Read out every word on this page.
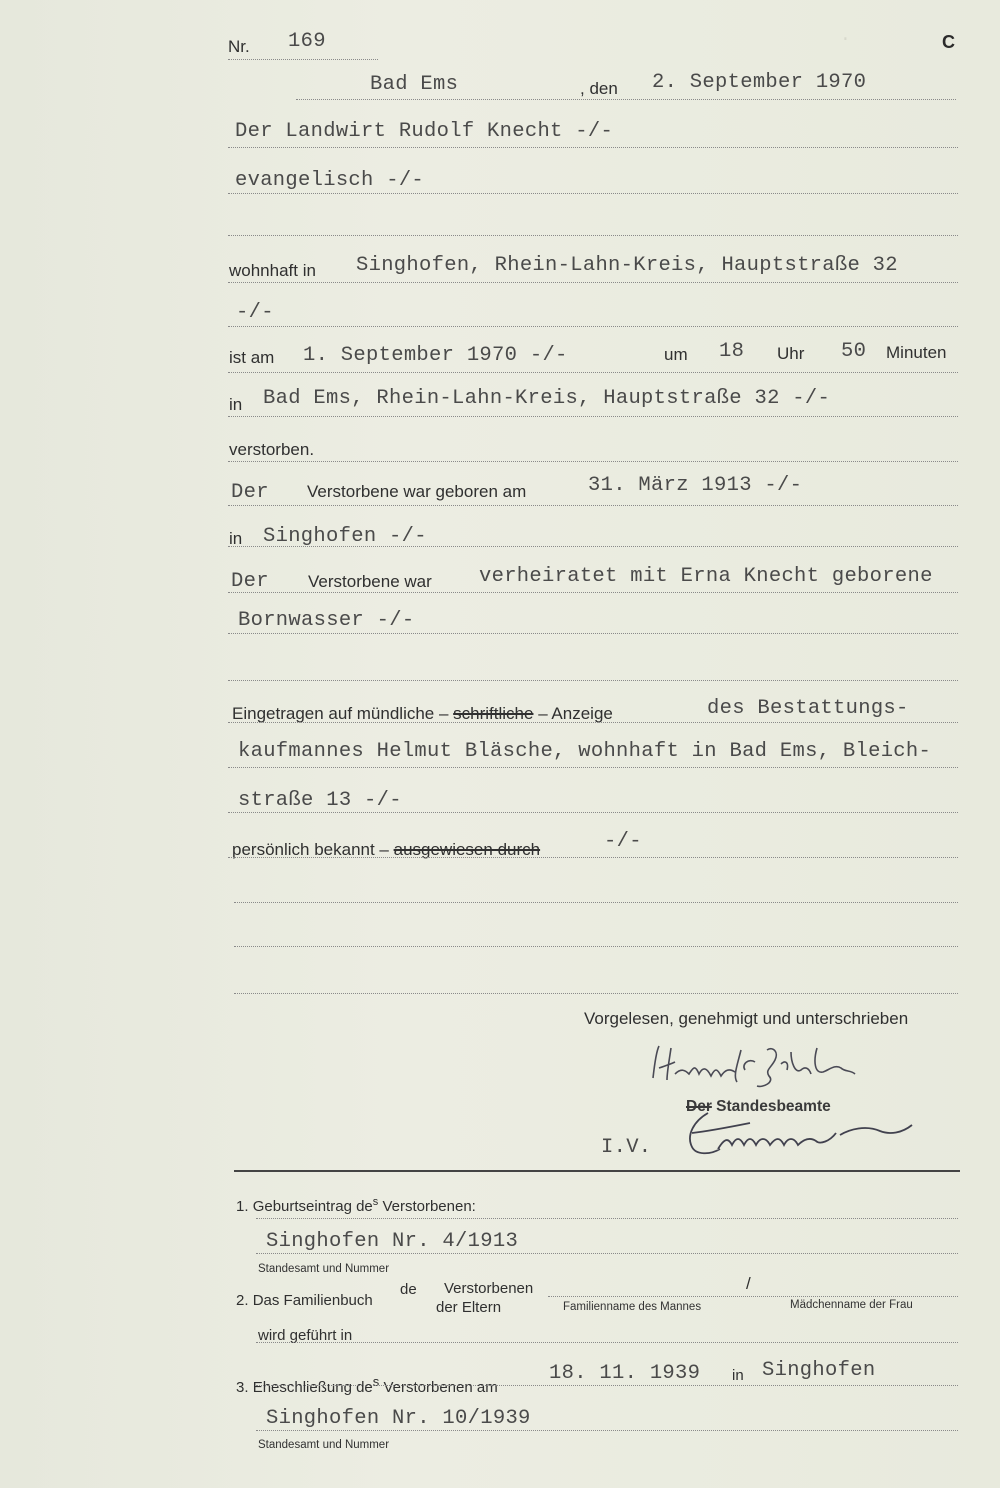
·
Nr. 169	C
Bad Ems	, den 2. September 1970
Der Landwirt Rudolf Knecht -/-
evangelisch -/-
wohnhaft in Singhofen, Rhein-Lahn-Kreis, Hauptstraße 32
-/-
ist am 1. September 1970 -/-	um 18 Uhr 50 Minuten
in Bad Ems, Rhein-Lahn-Kreis, Hauptstraße 32 -/-
verstorben.
Der Verstorbene war geboren am	31. März 1913 -/-
in Singhofen -/-
Der Verstorbene war verheiratet mit Erna Knecht geborene
Bornwasser -/-
Eingetragen auf mündliche – schriftliche – Anzeige	des Bestattungs-
kaufmannes Helmut Bläsche, wohnhaft in Bad Ems, Bleich-
straße 13 -/-
persönlich bekannt – ausgewiesen durch	-/-
Vorgelesen, genehmigt und unterschrieben
Der Standesbeamte
I.V.
1. Geburtseintrag $de^s$ Verstorbenen:
Singhofen Nr. 4/1913
Standesamt und Nummer
2. Das Familienbuch
de Verstorbenen
der Eltern
/
Familienname des Mannes	Mädchenname der Frau
wird geführt in
3. Eheschließung des Verstorbenen am
18. 11. 1939 in Singhofen
Singhofen Nr. 10/1939
Standesamt und Nummer
